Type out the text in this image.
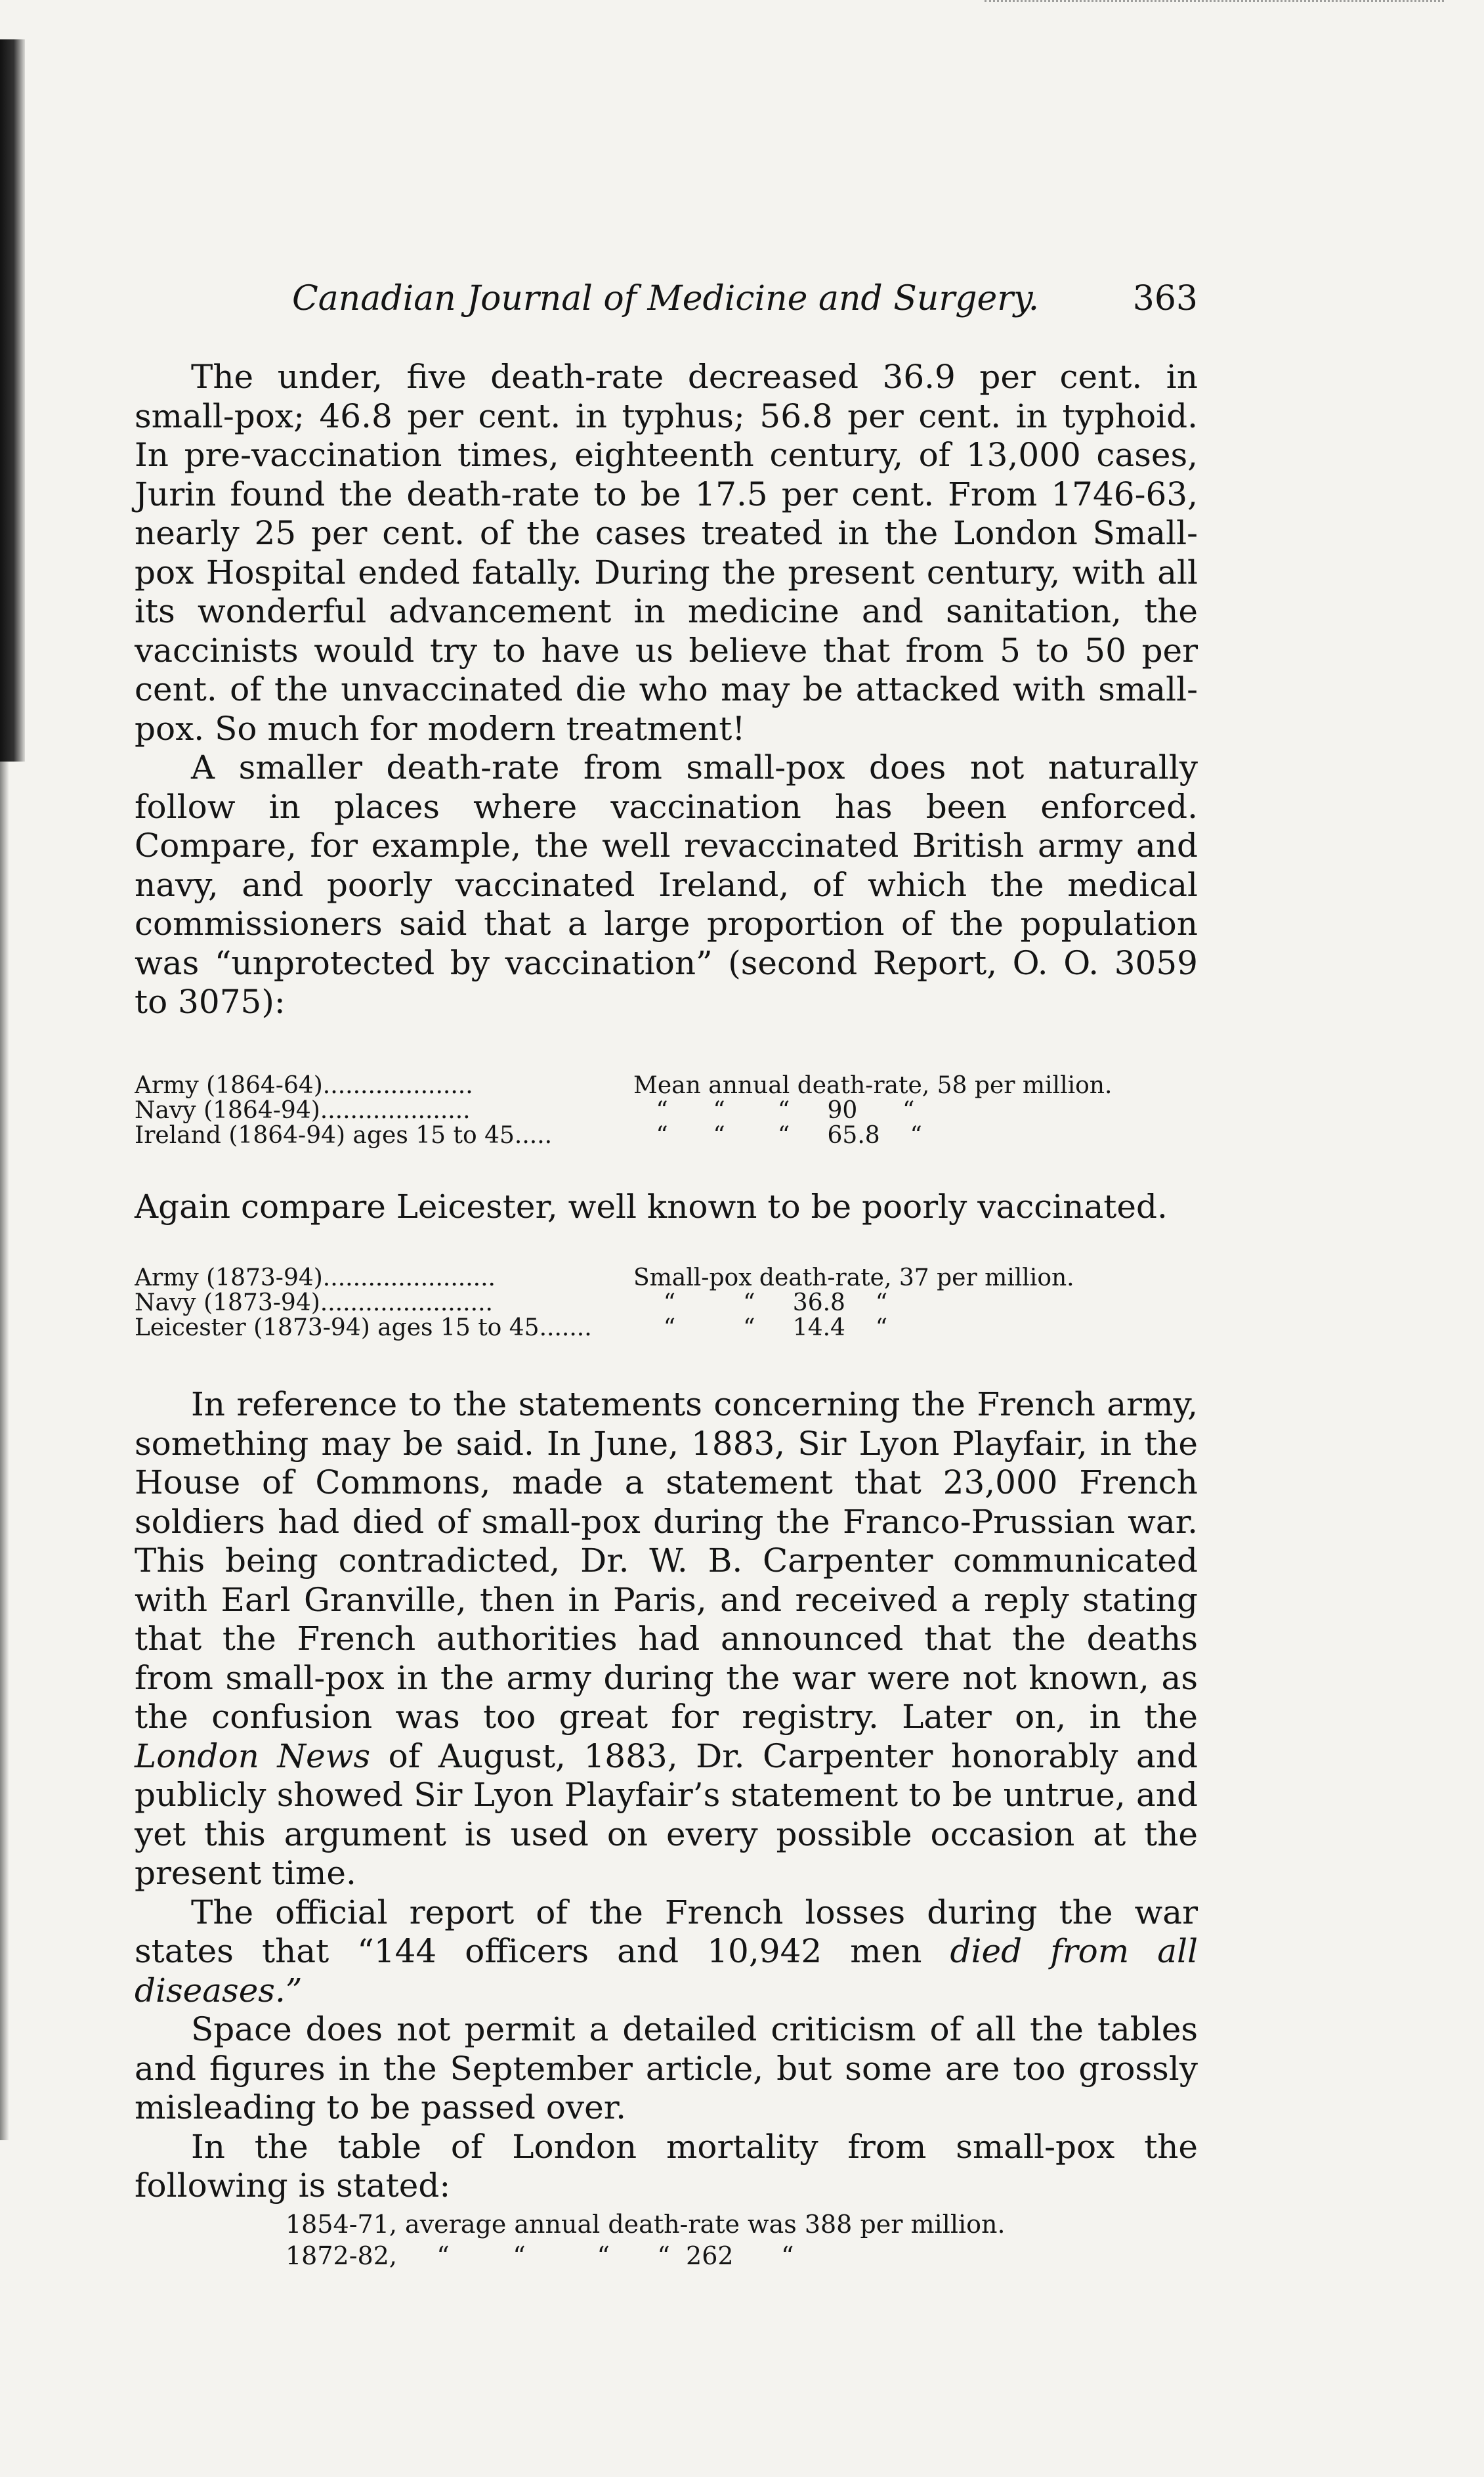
Canadian Journal of Medicine and Surgery.	363

The under, five death-rate decreased 36.9 per cent. in small-pox; 46.8 per cent. in typhus; 56.8 per cent. in typhoid. In pre-vaccination times, eighteenth century, of 13,000 cases, Jurin found the death-rate to be 17.5 per cent. From 1746-63, nearly 25 per cent. of the cases treated in the London Small-pox Hospital ended fatally. During the present century, with all its wonderful advancement in medicine and sanitation, the vaccinists would try to have us believe that from 5 to 50 per cent. of the unvaccinated die who may be attacked with small-pox. So much for modern treatment!

A smaller death-rate from small-pox does not naturally follow in places where vaccination has been enforced. Compare, for example, the well revaccinated British army and navy, and poorly vaccinated Ireland, of which the medical commissioners said that a large proportion of the population was “unprotected by vaccination” (second Report, O. O. 3059 to 3075):

Army (1864-64)....................	Mean annual death-rate, 58 per million.
Navy (1864-94)....................	“      “       “     90      “
Ireland (1864-94) ages 15 to 45.....	“      “       “     65.8    “

Again compare Leicester, well known to be poorly vaccinated.

Army (1873-94).......................	Small-pox death-rate, 37 per million.
Navy (1873-94).......................	“         “     36.8    “
Leicester (1873-94) ages 15 to 45.......	“         “     14.4    “

In reference to the statements concerning the French army, something may be said. In June, 1883, Sir Lyon Playfair, in the House of Commons, made a statement that 23,000 French soldiers had died of small-pox during the Franco-Prussian war. This being contradicted, Dr. W. B. Carpenter communicated with Earl Granville, then in Paris, and received a reply stating that the French authorities had announced that the deaths from small-pox in the army during the war were not known, as the confusion was too great for registry. Later on, in the London News of August, 1883, Dr. Carpenter honorably and publicly showed Sir Lyon Playfair’s statement to be untrue, and yet this argument is used on every possible occasion at the present time.

The official report of the French losses during the war states that “144 officers and 10,942 men died from all diseases.”

Space does not permit a detailed criticism of all the tables and figures in the September article, but some are too grossly misleading to be passed over.

In the table of London mortality from small-pox the following is stated:

1854-71, average annual death-rate was 388 per million.
1872-82,     “        “         “      “  262      “
